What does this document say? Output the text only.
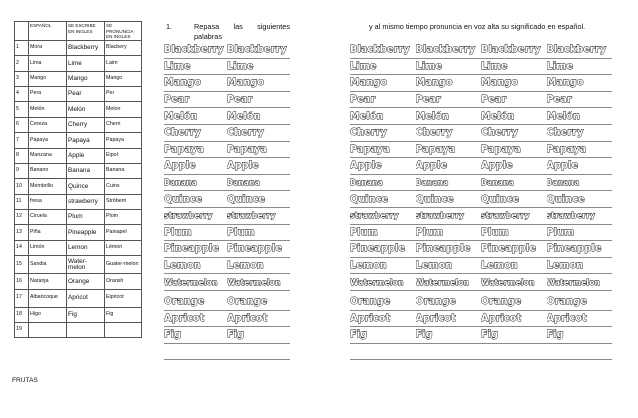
	ESPAÑOL	SE ESCRIBE EN INGLES	SE PRONUNCIA EN INGLES
1	Mora	Blackberry	Blacbery
2	Lima	Lime	Laim
3	Mango	Mango	Mango
4	Pera	Pear	Per
5	Melón	Melón	Melon
6	Cereza	Cherry	Cherri
7	Papaya	Papaya	Papaya
8	Manzana	Apple	Eipol
9	Banano	Banana	Banana
10	Membrillo	Quince	Cuins
11	fresa	strawberry	Strōberri
12	Ciruela	Plum	Plom
13	Piña	Pineapple	Painapel
14	Limón	Lemon	Lémon
15	Sandia	Water-melon	Guater-melon
16	Naranja	Orange	Oransh
17	Albaricoque	Apricot	Eipricot
18	Higo	Fig	Fig
19			
1.	Repasa las siguientes
palabras
y al mismo tiempo pronuncia en voz alta su significado en español.
Blackberry Blackberry
Lime	Lime
Mango	Mango
Pear	Pear
Melón	Melón
Cherry	Cherry
Papaya	Papaya
Apple	Apple
Banana	Banana
Quince	Quince
strawberry	strawberry
Plum	Plum
Pineapple Pineapple
Lemon	Lemon
Watermelon	Watermelon
Orange	Orange
Apricot	Apricot
Fig	Fig
Blackberry Blackberry Blackberry Blackberry
Lime	Lime	Lime	Lime
Mango	Mango	Mango	Mango
Pear	Pear	Pear	Pear
Melón	Melón	Melón	Melón
Cherry	Cherry	Cherry	Cherry
Papaya	Papaya	Papaya	Papaya
Apple	Apple	Apple	Apple
Banana	Banana	Banana	Banana
Quince	Quince	Quince	Quince
strawberry	strawberry	strawberry	strawberry
Plum	Plum	Plum	Plum
Pineapple	Pineapple	Pineapple	Pineapple
Lemon	Lemon	Lemon	Lemon
Watermelon	Watermelon	Watermelon	Watermelon
Orange	Orange	Orange	Orange
Apricot	Apricot	Apricot	Apricot
Fig	Fig	Fig	Fig
FRUTAS
